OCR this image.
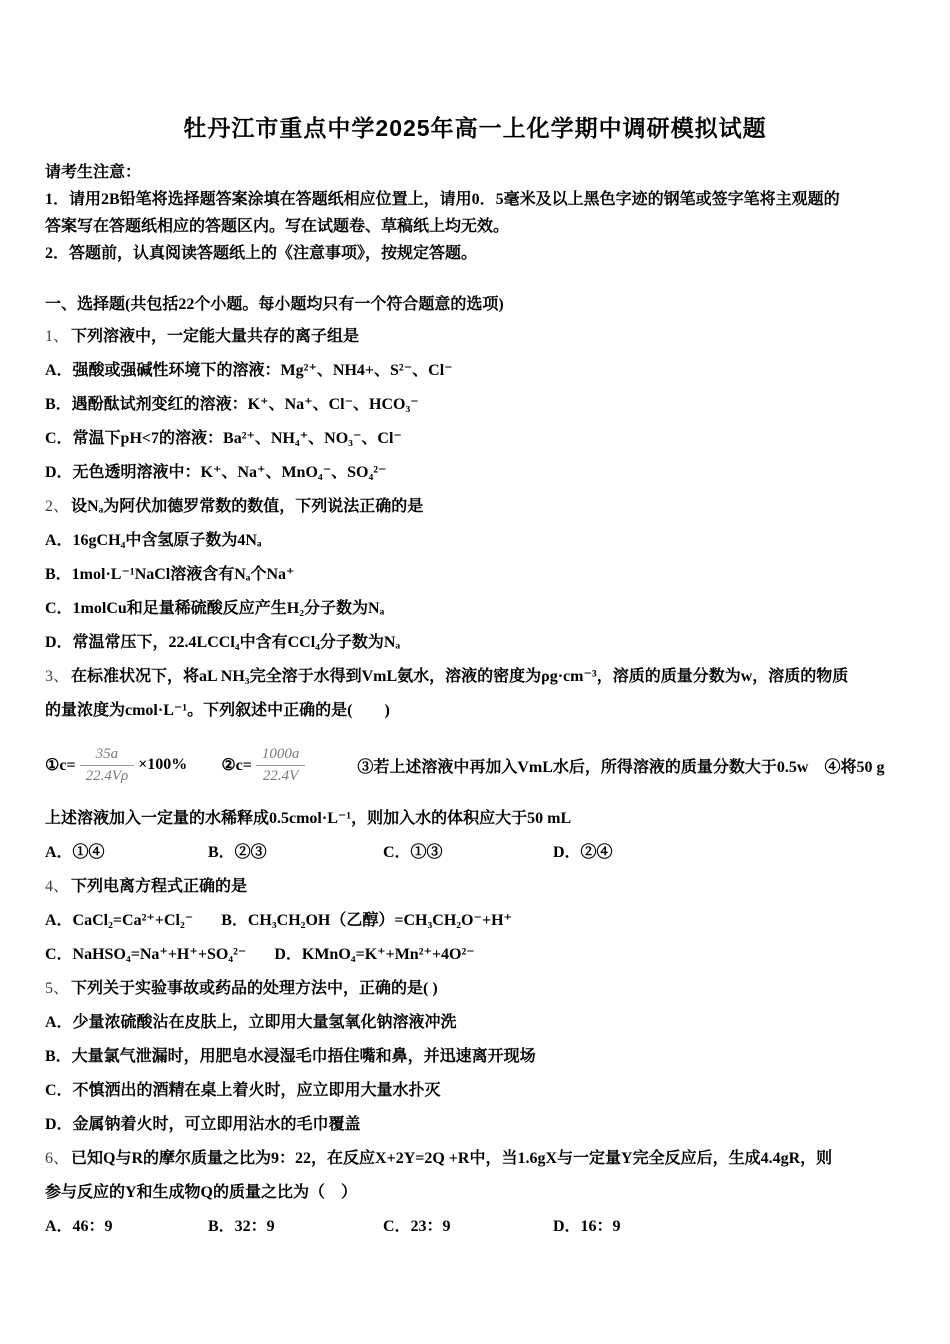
牡丹江市重点中学2025年高一上化学期中调研模拟试题

请考生注意：

1．请用2B铅笔将选择题答案涂填在答题纸相应位置上，请用0．5毫米及以上黑色字迹的钢笔或签字笔将主观题的

答案写在答题纸相应的答题区内。写在试题卷、草稿纸上均无效。

2．答题前，认真阅读答题纸上的《注意事项》，按规定答题。

一、选择题(共包括22个小题。每小题均只有一个符合题意的选项)

1、 下列溶液中，一定能大量共存的离子组是

A．强酸或强碱性环境下的溶液：Mg²⁺、NH4+、S²⁻、Cl⁻

B．遇酚酞试剂变红的溶液：K⁺、Na⁺、Cl⁻、HCO₃⁻

C．常温下pH<7的溶液：Ba²⁺、NH₄⁺、NO₃⁻、Cl⁻

D．无色透明溶液中：K⁺、Na⁺、MnO₄⁻、SO₄²⁻

2、 设Nₐ为阿伏加德罗常数的数值，下列说法正确的是

A．16gCH₄中含氢原子数为4Nₐ

B．1mol·L⁻¹NaCl溶液含有Nₐ个Na⁺

C．1molCu和足量稀硫酸反应产生H₂分子数为Nₐ

D．常温常压下，22.4LCCl₄中含有CCl₄分子数为Nₐ

3、 在标准状况下，将aL NH₃完全溶于水得到VmL氨水，溶液的密度为ρg·cm⁻³，溶质的质量分数为w，溶质的物质

的量浓度为cmol·L⁻¹。下列叙述中正确的是(　　)

①c= $\frac{35a}{22.4V\rho} \times 100\%$ ②c= $\frac{1000a}{22.4V}$	③若上述溶液中再加入VmL水后，所得溶液的质量分数大于0.5w　④将50 g

上述溶液加入一定量的水稀释成0.5cmol·L⁻¹，则加入水的体积应大于50 mL

A．①④	B．②③	C．①③	D．②④

4、 下列电离方程式正确的是

A．CaCl₂=Ca²⁺+Cl₂⁻ B．CH₃CH₂OH（乙醇）=CH₃CH₂O⁻+H⁺

C．NaHSO₄=Na⁺+H⁺+SO₄²⁻ D．KMnO₄=K⁺+Mn²⁺+4O²⁻

5、 下列关于实验事故或药品的处理方法中，正确的是( )

A．少量浓硫酸沾在皮肤上，立即用大量氢氧化钠溶液冲洗

B．大量氯气泄漏时，用肥皂水浸湿毛巾捂住嘴和鼻，并迅速离开现场

C．不慎洒出的酒精在桌上着火时，应立即用大量水扑灭

D．金属钠着火时，可立即用沾水的毛巾覆盖

6、 已知Q与R的摩尔质量之比为9：22，在反应X+2Y=2Q +R中，当1.6gX与一定量Y完全反应后，生成4.4gR，则

参与反应的Y和生成物Q的质量之比为（　）

A．46：9	B．32：9	C．23：9	D．16：9
